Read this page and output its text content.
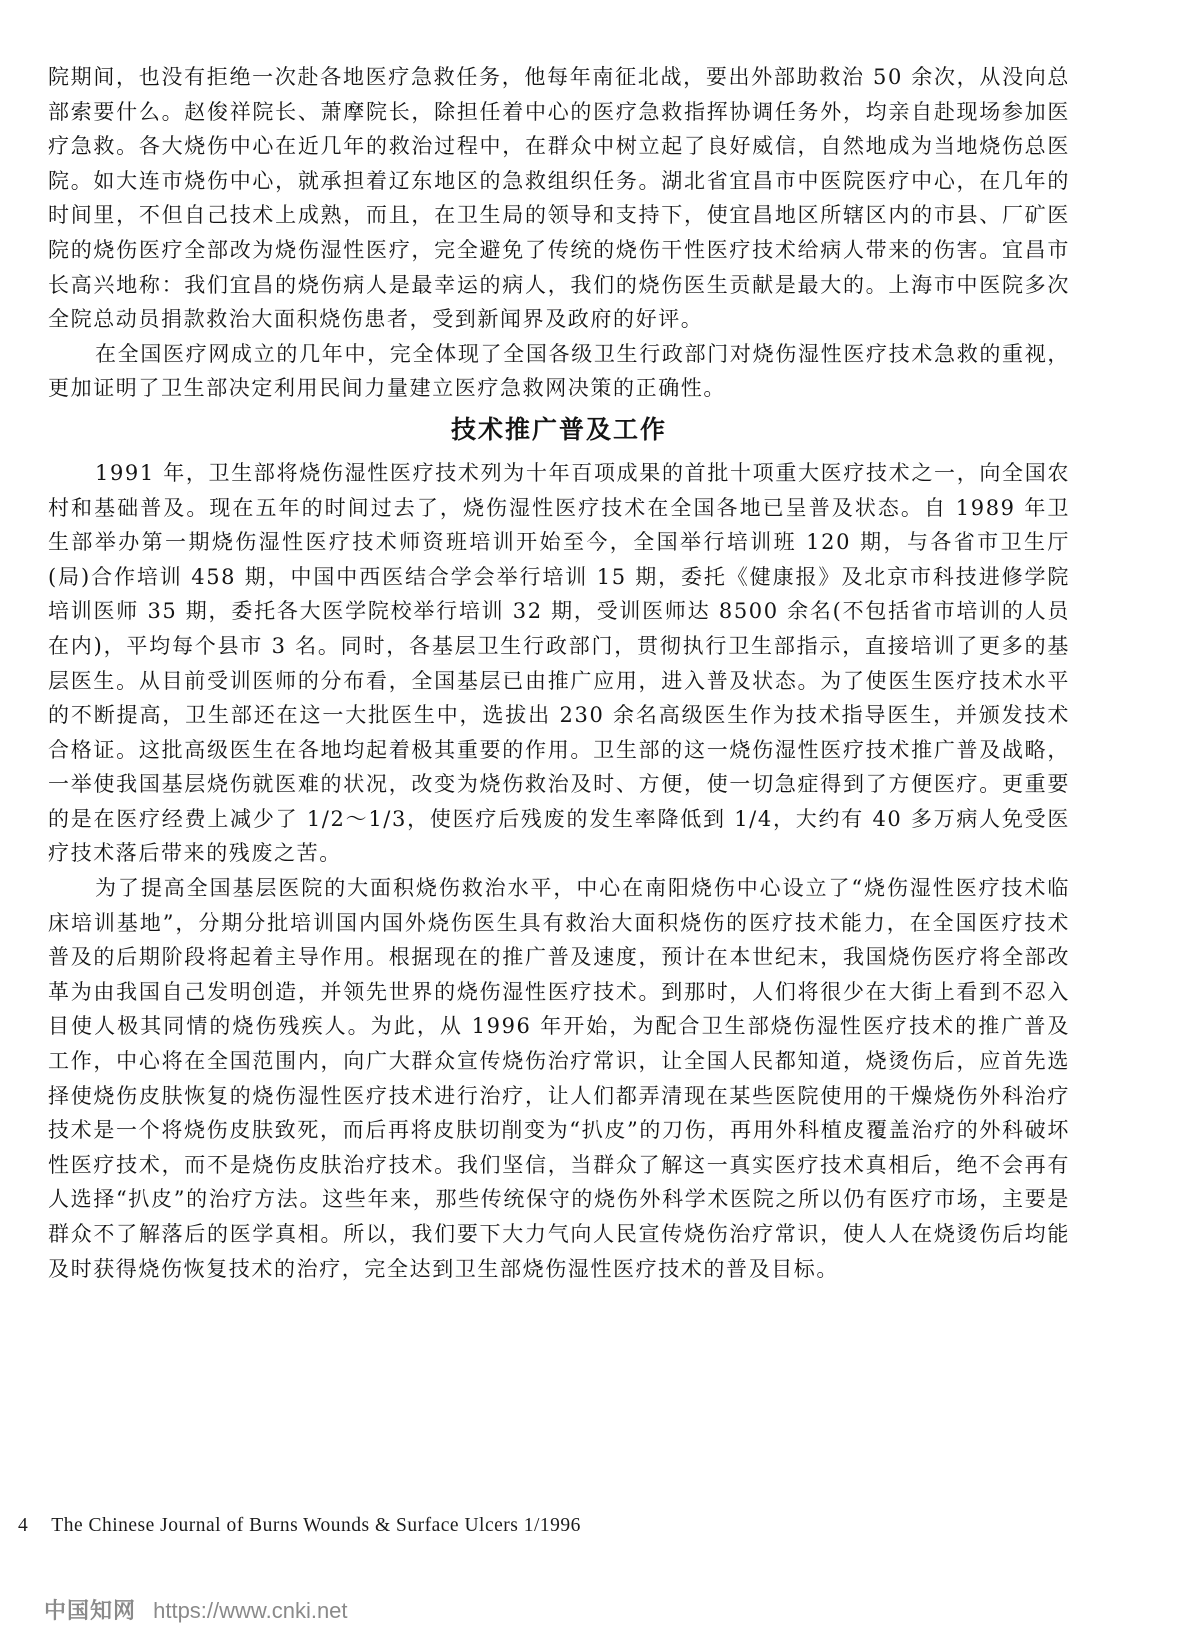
院期间，也没有拒绝一次赴各地医疗急救任务，他每年南征北战，要出外部助救治 50 余次，从没向总部索要什么。赵俊祥院长、萧摩院长，除担任着中心的医疗急救指挥协调任务外，均亲自赴现场参加医疗急救。各大烧伤中心在近几年的救治过程中，在群众中树立起了良好威信，自然地成为当地烧伤总医院。如大连市烧伤中心，就承担着辽东地区的急救组织任务。湖北省宜昌市中医院医疗中心，在几年的时间里，不但自己技术上成熟，而且，在卫生局的领导和支持下，使宜昌地区所辖区内的市县、厂矿医院的烧伤医疗全部改为烧伤湿性医疗，完全避免了传统的烧伤干性医疗技术给病人带来的伤害。宜昌市长高兴地称：我们宜昌的烧伤病人是最幸运的病人，我们的烧伤医生贡献是最大的。上海市中医院多次全院总动员捐款救治大面积烧伤患者，受到新闻界及政府的好评。

在全国医疗网成立的几年中，完全体现了全国各级卫生行政部门对烧伤湿性医疗技术急救的重视，更加证明了卫生部决定利用民间力量建立医疗急救网决策的正确性。

技术推广普及工作

1991 年，卫生部将烧伤湿性医疗技术列为十年百项成果的首批十项重大医疗技术之一，向全国农村和基础普及。现在五年的时间过去了，烧伤湿性医疗技术在全国各地已呈普及状态。自 1989 年卫生部举办第一期烧伤湿性医疗技术师资班培训开始至今，全国举行培训班 120 期，与各省市卫生厅(局)合作培训 458 期，中国中西医结合学会举行培训 15 期，委托《健康报》及北京市科技进修学院培训医师 35 期，委托各大医学院校举行培训 32 期，受训医师达 8500 余名(不包括省市培训的人员在内)，平均每个县市 3 名。同时，各基层卫生行政部门，贯彻执行卫生部指示，直接培训了更多的基层医生。从目前受训医师的分布看，全国基层已由推广应用，进入普及状态。为了使医生医疗技术水平的不断提高，卫生部还在这一大批医生中，选拔出 230 余名高级医生作为技术指导医生，并颁发技术合格证。这批高级医生在各地均起着极其重要的作用。卫生部的这一烧伤湿性医疗技术推广普及战略，一举使我国基层烧伤就医难的状况，改变为烧伤救治及时、方便，使一切急症得到了方便医疗。更重要的是在医疗经费上减少了 1/2～1/3，使医疗后残废的发生率降低到 1/4，大约有 40 多万病人免受医疗技术落后带来的残废之苦。

为了提高全国基层医院的大面积烧伤救治水平，中心在南阳烧伤中心设立了“烧伤湿性医疗技术临床培训基地”，分期分批培训国内国外烧伤医生具有救治大面积烧伤的医疗技术能力，在全国医疗技术普及的后期阶段将起着主导作用。根据现在的推广普及速度，预计在本世纪末，我国烧伤医疗将全部改革为由我国自己发明创造，并领先世界的烧伤湿性医疗技术。到那时，人们将很少在大街上看到不忍入目使人极其同情的烧伤残疾人。为此，从 1996 年开始，为配合卫生部烧伤湿性医疗技术的推广普及工作，中心将在全国范围内，向广大群众宣传烧伤治疗常识，让全国人民都知道，烧烫伤后，应首先选择使烧伤皮肤恢复的烧伤湿性医疗技术进行治疗，让人们都弄清现在某些医院使用的干燥烧伤外科治疗技术是一个将烧伤皮肤致死，而后再将皮肤切削变为“扒皮”的刀伤，再用外科植皮覆盖治疗的外科破坏性医疗技术，而不是烧伤皮肤治疗技术。我们坚信，当群众了解这一真实医疗技术真相后，绝不会再有人选择“扒皮”的治疗方法。这些年来，那些传统保守的烧伤外科学术医院之所以仍有医疗市场，主要是群众不了解落后的医学真相。所以，我们要下大力气向人民宣传烧伤治疗常识，使人人在烧烫伤后均能及时获得烧伤恢复技术的治疗，完全达到卫生部烧伤湿性医疗技术的普及目标。

4 The Chinese Journal of Burns Wounds & Surface Ulcers 1/1996
中国知网 https://www.cnki.net
